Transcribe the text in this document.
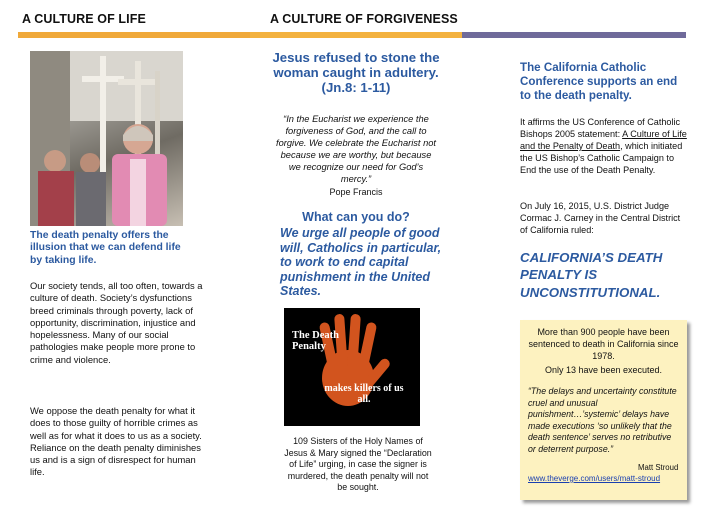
A CULTURE OF LIFE	A CULTURE OF FORGIVENESS
The death penalty offers the illusion that we can defend life by taking life.
Our society tends, all too often, towards a culture of death. Society’s dysfunctions breed criminals through poverty, lack of opportunity, discrimination, injustice and hopelessness. Many of our social pathologies make people more prone to crime and violence.
We oppose the death penalty for what it does to those guilty of horrible crimes as well as for what it does to us as a society. Reliance on the death penalty diminishes us and is a sign of disrespect for human life.
Jesus refused to stone the woman caught in adultery. (Jn.8: 1-11)
“In the Eucharist we experience the forgiveness of God, and the call to forgive. We celebrate the Eucharist not because we are worthy, but because we recognize our need for God’s mercy.”
Pope Francis
What can you do?
We urge all people of good will, Catholics in particular, to work to end capital punishment in the United States.
The Death Penalty
makes killers of us all.
109 Sisters of the Holy Names of Jesus & Mary signed the “Declaration of Life” urging, in case the signer is murdered, the death penalty will not be sought.
The California Catholic Conference supports an end to the death penalty.
It affirms the US Conference of Catholic Bishops 2005 statement: A Culture of Life and the Penalty of Death, which initiated the US Bishop’s Catholic Campaign to End the use of the Death Penalty.
On July 16, 2015, U.S. District Judge Cormac J. Carney in the Central District of California ruled:
CALIFORNIA’S DEATH PENALTY IS UNCONSTITUTIONAL.
More than 900 people have been sentenced to death in California since 1978.
Only 13 have been executed.
“The delays and uncertainty constitute cruel and unusual punishment…’systemic’ delays have made executions ‘so unlikely that the death sentence’ serves no retributive or deterrent purpose.”
Matt Stroud
www.theverge.com/users/matt-stroud
